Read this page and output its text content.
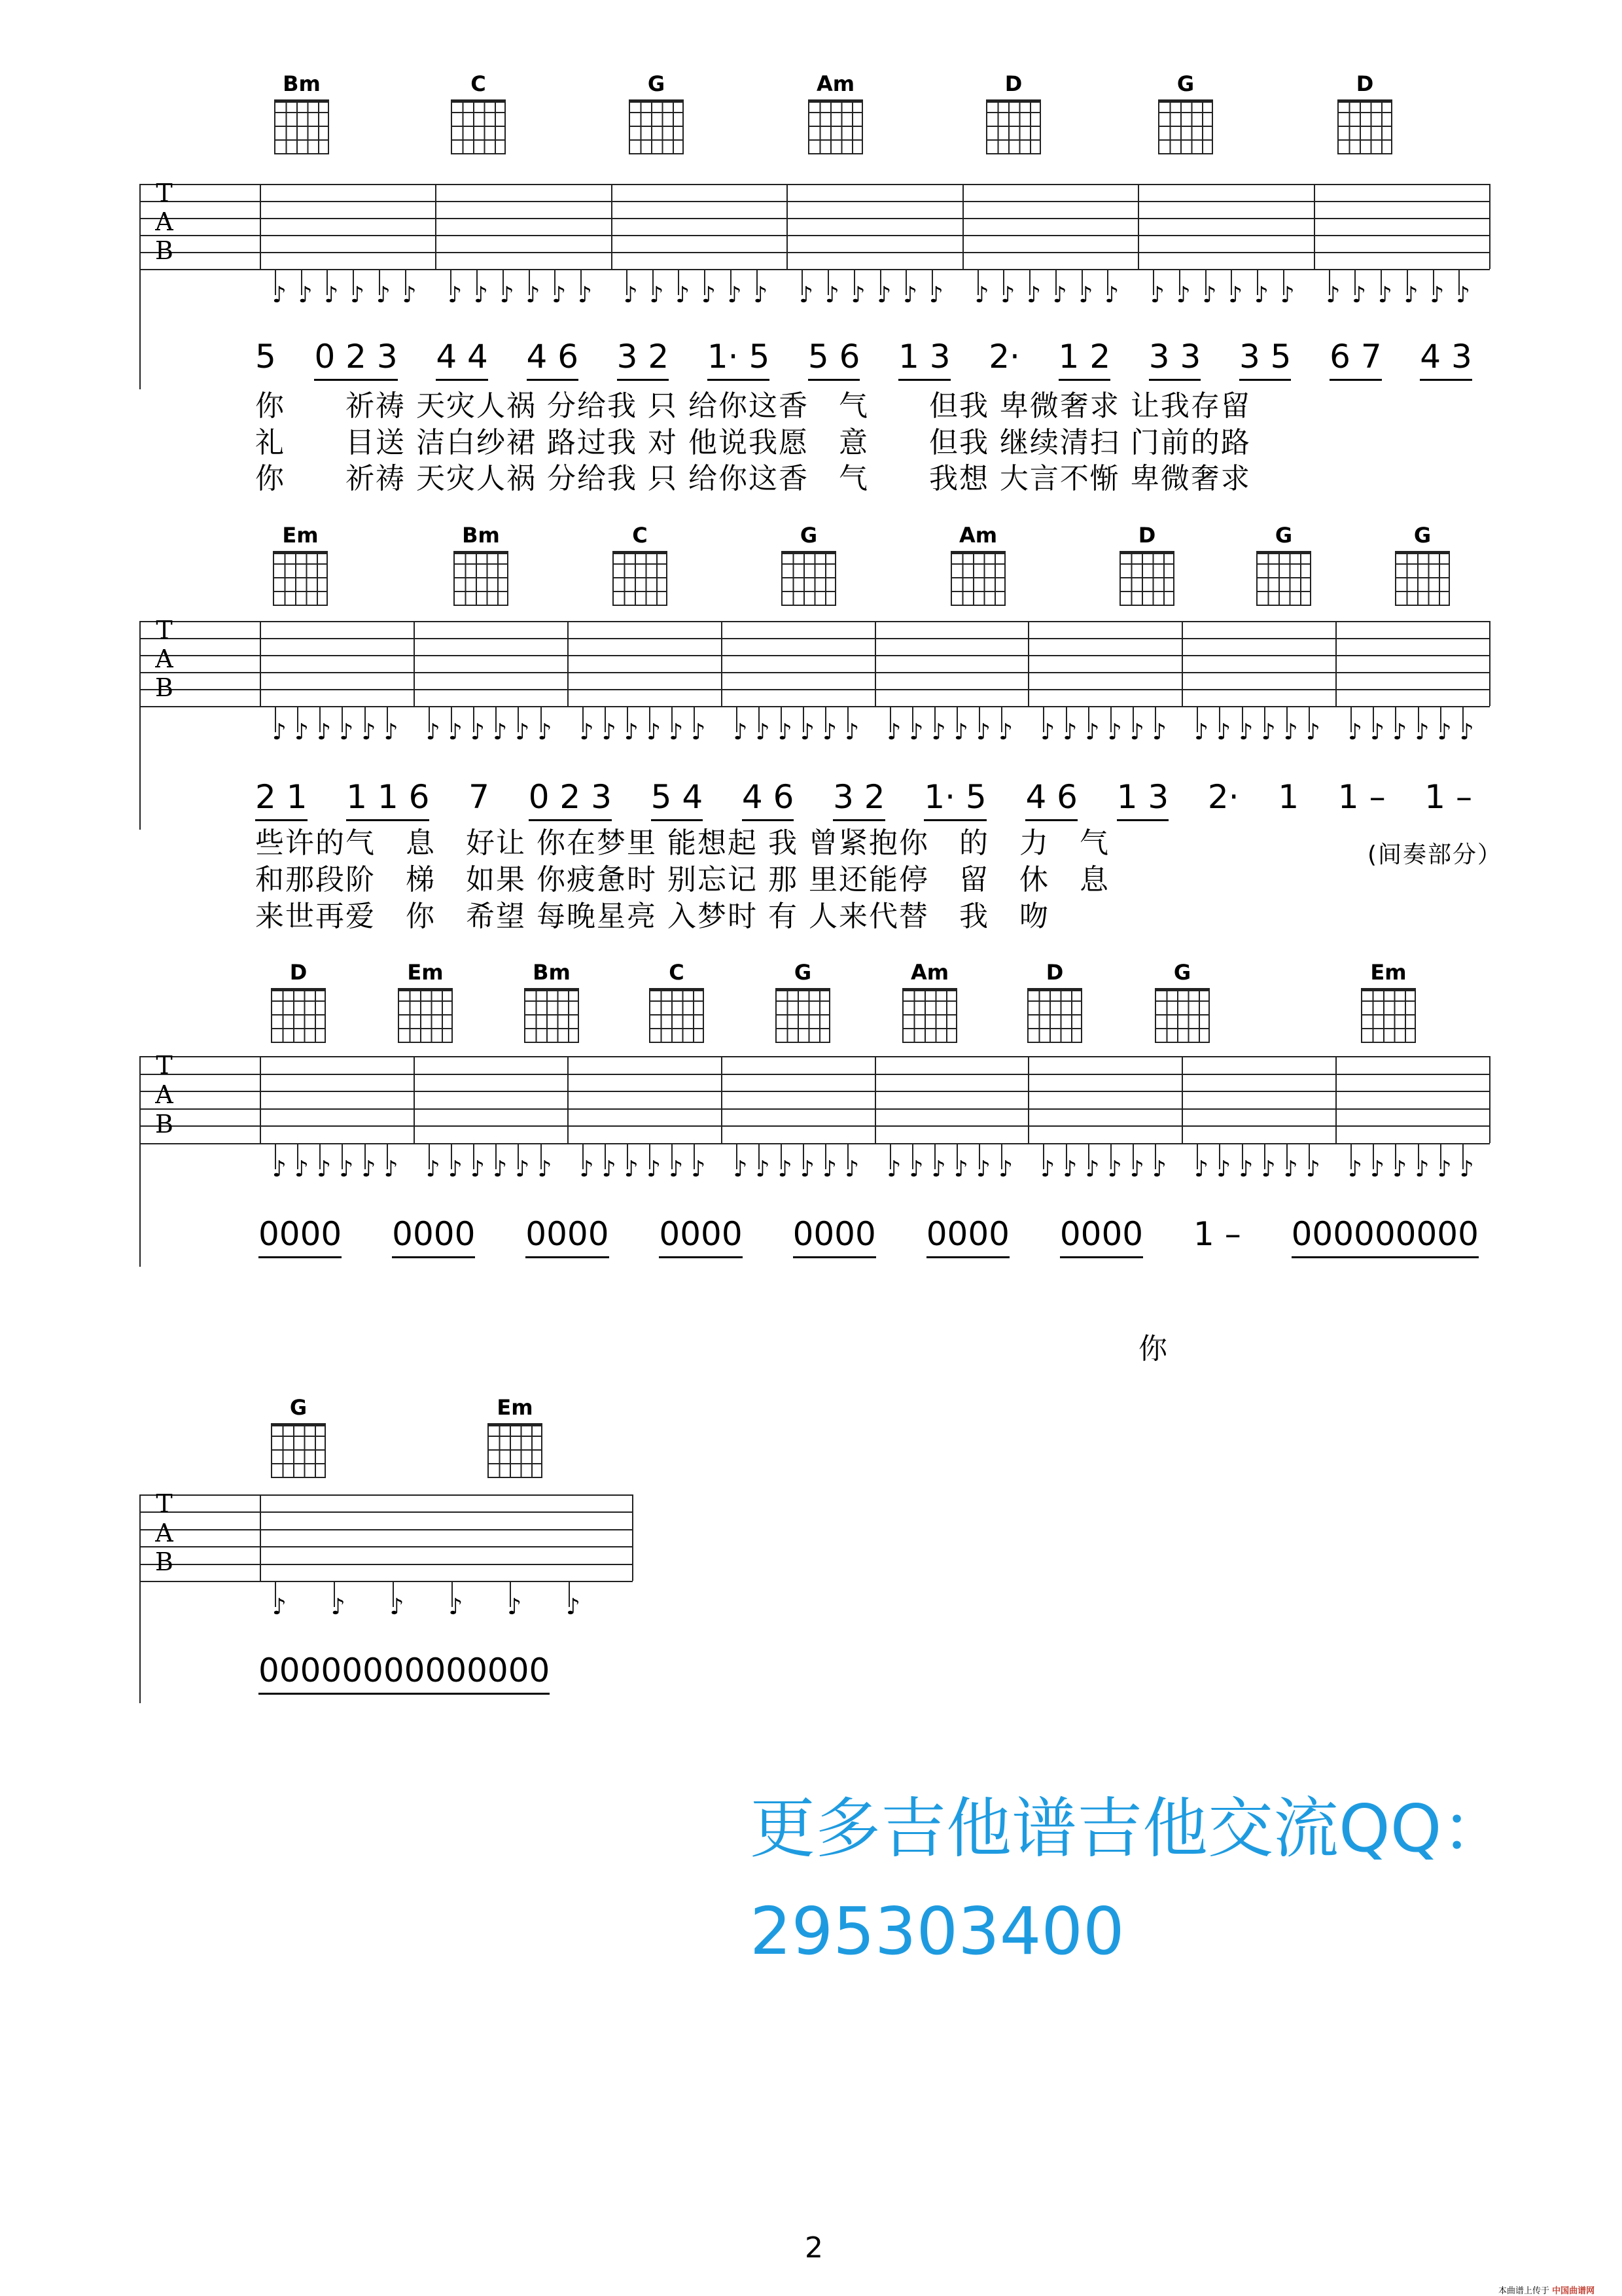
Bm	C	G	Am	D	G	D
♪ ♪ ♪ ♪ ♪ ♪ ♪ ♪ ♪ ♪ ♪ ♪ ♪ ♪ ♪ ♪ ♪ ♪ ♪ ♪ ♪ ♪ ♪ ♪ ♪ ♪ ♪ ♪ ♪ ♪ ♪ ♪ ♪ ♪ ♪ ♪ ♪ ♪ ♪ ♪ ♪ ♪
T
A
B
5 0 2 3 4 4 4 6 3 2 1· 5 5 6 1 3 2· 1 2 3 3 3 5 6 7 4 3
你　　祈祷 天灾人祸 分给我 只 给你这香　气　　但我 卑微奢求 让我存留
礼　　目送 洁白纱裙 路过我 对 他说我愿　意　　但我 继续清扫 门前的路
你　　祈祷 天灾人祸 分给我 只 给你这香　气　　我想 大言不惭 卑微奢求
Em	Bm	C	G	Am	D	G	G
♪ ♪ ♪ ♪ ♪ ♪ ♪ ♪ ♪ ♪ ♪ ♪ ♪ ♪ ♪ ♪ ♪ ♪ ♪ ♪ ♪ ♪ ♪ ♪ ♪ ♪ ♪ ♪ ♪ ♪ ♪ ♪ ♪ ♪ ♪ ♪ ♪ ♪ ♪ ♪ ♪ ♪ ♪ ♪ ♪ ♪ ♪ ♪
T
A
B
2 1 1 1 6 7 0 2 3 5 4 4 6 3 2 1· 5 4 6 1 3 2· 1 1 – 1 –
些许的气　息　好让 你在梦里 能想起 我 曾紧抱你　的　力　气
和那段阶　梯　如果 你疲惫时 别忘记 那 里还能停　留　休　息
来世再爱　你　希望 每晚星亮 入梦时 有 人来代替　我　吻
(间奏部分）
D	Em	Bm	C	G	Am	D	G	Em
♪ ♪ ♪ ♪ ♪ ♪ ♪ ♪ ♪ ♪ ♪ ♪ ♪ ♪ ♪ ♪ ♪ ♪ ♪ ♪ ♪ ♪ ♪ ♪ ♪ ♪ ♪ ♪ ♪ ♪ ♪ ♪ ♪ ♪ ♪ ♪ ♪ ♪ ♪ ♪ ♪ ♪ ♪ ♪ ♪ ♪ ♪ ♪
T
A
B
0000 0000 0000 0000 0000 0000 0000 1 – 000000000
你
G	Em
♪ ♪ ♪ ♪ ♪ ♪
T
A
B
00000000000000
更多吉他谱吉他交流QQ：
295303400
2
本曲谱上传于 中国曲谱网
